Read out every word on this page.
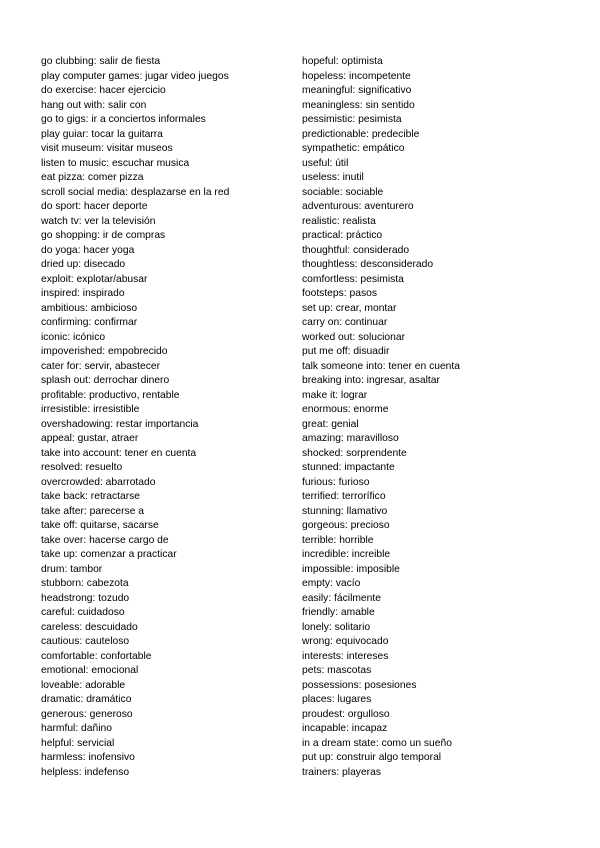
go clubbing: salir de fiesta
play computer games: jugar video juegos
do exercise: hacer ejercicio
hang out with: salir con
go to gigs: ir a conciertos informales
play guiar: tocar la guitarra
visit museum: visitar museos
listen to music: escuchar musica
eat pizza: comer pizza
scroll social media: desplazarse en la red
do sport: hacer deporte
watch tv: ver la televisión
go shopping: ir de compras
do yoga: hacer yoga
dried up: disecado
exploit: explotar/abusar
inspired: inspirado
ambitious: ambicioso
confirming: confirmar
iconic: icónico
impoverished: empobrecido
cater for: servir, abastecer
splash out: derrochar dinero
profitable: productivo, rentable
irresistible: irresistible
overshadowing: restar importancia
appeal: gustar, atraer
take into account: tener en cuenta
resolved: resuelto
overcrowded: abarrotado
take back: retractarse
take after: parecerse a
take off: quitarse, sacarse
take over: hacerse cargo de
take up: comenzar a practicar
drum: tambor
stubborn: cabezota
headstrong: tozudo
careful: cuidadoso
careless: descuidado
cautious: cauteloso
comfortable: confortable
emotional: emocional
loveable: adorable
dramatic: dramático
generous: generoso
harmful: dañino
helpful: servicial
harmless: inofensivo
helpless: indefenso
hopeful: optimista
hopeless: incompetente
meaningful: significativo
meaningless: sin sentido
pessimistic: pesimista
predictionable: predecible
sympathetic: empático
useful: útil
useless: inutil
sociable: sociable
adventurous: aventurero
realistic: realista
practical: práctico
thoughtful: considerado
thoughtless: desconsiderado
comfortless: pesimista
footsteps: pasos
set up: crear, montar
carry on: continuar
worked out: solucionar
put me off: disuadir
talk someone into: tener en cuenta
breaking into: ingresar, asaltar
make it: lograr
enormous: enorme
great: genial
amazing: maravilloso
shocked: sorprendente
stunned: impactante
furious: furioso
terrified: terrorífico
stunning: llamativo
gorgeous: precioso
terrible: horrible
incredible: increible
impossible: imposible
empty: vacío
easily: fácilmente
friendly: amable
lonely: solitario
wrong: equivocado
interests: intereses
pets: mascotas
possessions: posesiones
places: lugares
proudest: orgulloso
incapable: incapaz
in a dream state: como un sueño
put up: construir algo temporal
trainers: playeras
